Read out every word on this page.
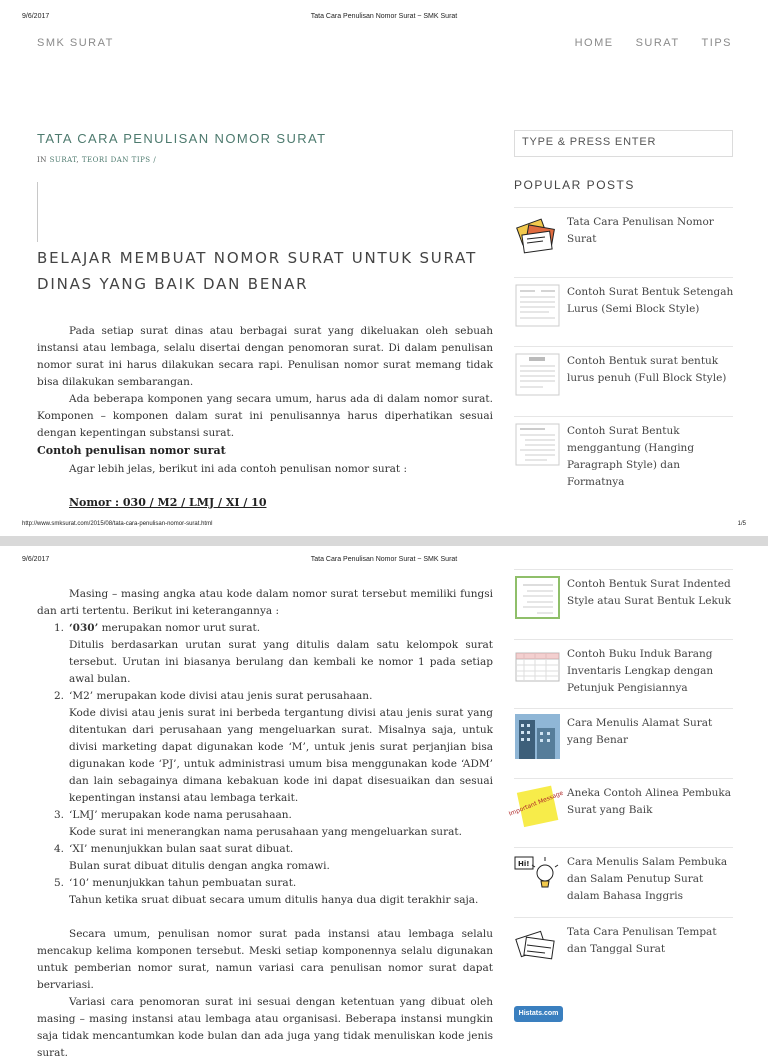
9/6/2017	Tata Cara Penulisan Nomor Surat ~ SMK Surat
SMK SURAT	HOME SURAT TIPS
TATA CARA PENULISAN NOMOR SURAT
IN SURAT, TEORI DAN TIPS /
BELAJAR MEMBUAT NOMOR SURAT UNTUK SURAT DINAS YANG BAIK DAN BENAR

Pada setiap surat dinas atau berbagai surat yang dikeluakan oleh sebuah instansi atau lembaga, selalu disertai dengan penomoran surat. Di dalam penulisan nomor surat ini harus dilakukan secara rapi. Penulisan nomor surat memang tidak bisa dilakukan sembarangan.

Ada beberapa komponen yang secara umum, harus ada di dalam nomor surat. Komponen – komponen dalam surat ini penulisannya harus diperhatikan sesuai dengan kepentingan substansi surat.

Contoh penulisan nomor surat
Agar lebih jelas, berikut ini ada contoh penulisan nomor surat :
Nomor : 030 / M2 / LMJ / XI / 10
TYPE & PRESS ENTER
POPULAR POSTS
Tata Cara Penulisan Nomor Surat
Contoh Surat Bentuk Setengah Lurus (Semi Block Style)
Contoh Bentuk surat bentuk lurus penuh (Full Block Style)
Contoh Surat Bentuk menggantung (Hanging Paragraph Style) dan Formatnya
http://www.smksurat.com/2015/08/tata-cara-penulisan-nomor-surat.html	1/5
9/6/2017	Tata Cara Penulisan Nomor Surat ~ SMK Surat

Masing – masing angka atau kode dalam nomor surat tersebut memiliki fungsi dan arti tertentu. Berikut ini keterangannya :

1. ‘030’ merupakan nomor urut surat.

Ditulis berdasarkan urutan surat yang ditulis dalam satu kelompok surat tersebut. Urutan ini biasanya berulang dan kembali ke nomor 1 pada setiap awal bulan.

2. ‘M2’ merupakan kode divisi atau jenis surat perusahaan.

Kode divisi atau jenis surat ini berbeda tergantung divisi atau jenis surat yang ditentukan dari perusahaan yang mengeluarkan surat. Misalnya saja, untuk divisi marketing dapat digunakan kode ‘M’, untuk jenis surat perjanjian bisa digunakan kode ‘PJ’, untuk administrasi umum bisa menggunakan kode ‘ADM’ dan lain sebagainya dimana kebakuan kode ini dapat disesuaikan dan sesuai kepentingan instansi atau lembaga terkait.

3. ‘LMJ’ merupakan kode nama perusahaan.

Kode surat ini menerangkan nama perusahaan yang mengeluarkan surat.

4. ‘XI’ menunjukkan bulan saat surat dibuat.

Bulan surat dibuat ditulis dengan angka romawi.

5. ‘10’ menunjukkan tahun pembuatan surat.

Tahun ketika sruat dibuat secara umum ditulis hanya dua digit terakhir saja.

Secara umum, penulisan nomor surat pada instansi atau lembaga selalu mencakup kelima komponen tersebut. Meski setiap komponennya selalu digunakan untuk pemberian nomor surat, namun variasi cara penulisan nomor surat dapat bervariasi.

Variasi cara penomoran surat ini sesuai dengan ketentuan yang dibuat oleh masing – masing instansi atau lembaga atau organisasi. Beberapa instansi mungkin saja tidak mencantumkan kode bulan dan ada juga yang tidak menuliskan kode jenis surat.

Contoh Bentuk Surat Indented Style atau Surat Bentuk Lekuk
Contoh Buku Induk Barang Inventaris Lengkap dengan Petunjuk Pengisiannya
Cara Menulis Alamat Surat yang Benar
Important Message Aneka Contoh Alinea Pembuka Surat yang Baik
Hi!	Cara Menulis Salam Pembuka dan Salam Penutup Surat dalam Bahasa Inggris
Tata Cara Penulisan Tempat dan Tanggal Surat
Histats.com
